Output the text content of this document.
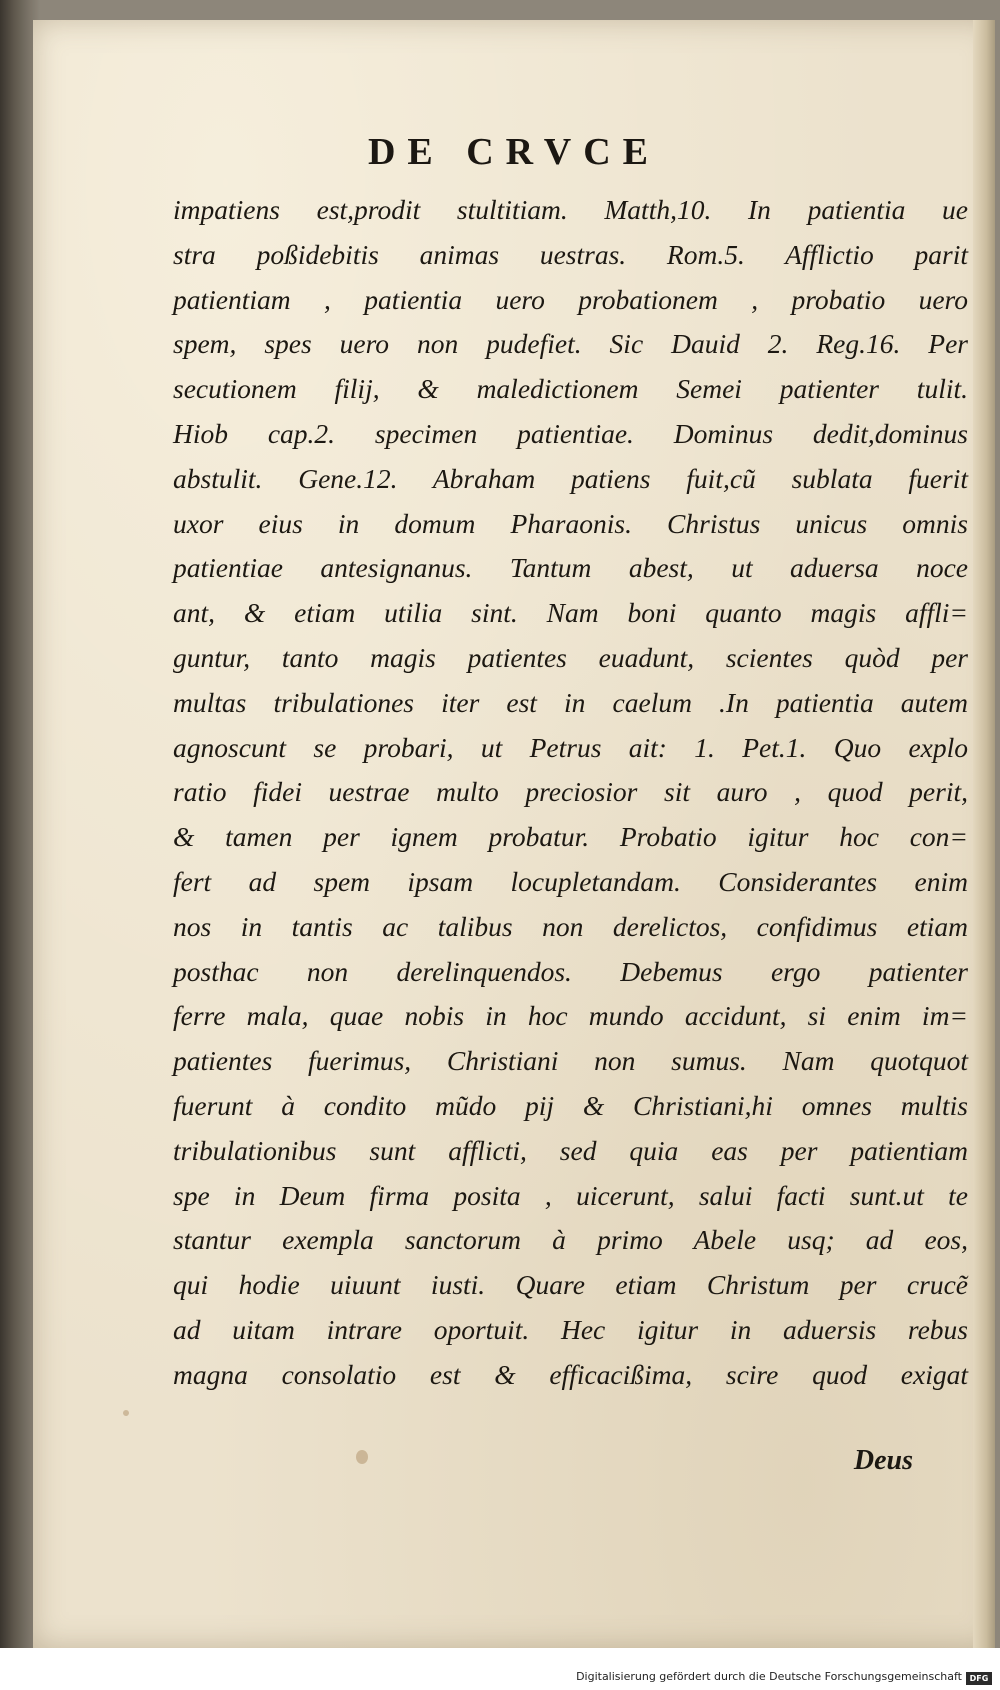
DE CRVCE
impatiens est,prodit stultitiam. Matth,10. In patientia ue
stra poßidebitis animas uestras. Rom.5. Afflictio parit
patientiam , patientia uero probationem , probatio uero
spem, spes uero non pudefiet. Sic Dauid 2. Reg.16. Per
secutionem filij, & maledictionem Semei patienter tulit.
Hiob cap.2. specimen patientiae. Dominus dedit,dominus
abstulit. Gene.12. Abraham patiens fuit,cũ sublata fuerit
uxor eius in domum Pharaonis. Christus unicus omnis
patientiae antesignanus. Tantum abest, ut aduersa noce
ant, & etiam utilia sint. Nam boni quanto magis affli=
guntur, tanto magis patientes euadunt, scientes quòd per
multas tribulationes iter est in caelum .In patientia autem
agnoscunt se probari, ut Petrus ait: 1. Pet.1. Quo explo
ratio fidei uestrae multo preciosior sit auro , quod perit,
& tamen per ignem probatur. Probatio igitur hoc con=
fert ad spem ipsam locupletandam. Considerantes enim
nos in tantis ac talibus non derelictos, confidimus etiam
posthac non derelinquendos. Debemus ergo patienter
ferre mala, quae nobis in hoc mundo accidunt, si enim im=
patientes fuerimus, Christiani non sumus. Nam quotquot
fuerunt à condito mũdo pij & Christiani,hi omnes multis
tribulationibus sunt afflicti, sed quia eas per patientiam
spe in Deum firma posita , uicerunt, salui facti sunt.ut te
stantur exempla sanctorum à primo Abele usq; ad eos,
qui hodie uiuunt iusti. Quare etiam Christum per crucẽ
ad uitam intrare oportuit. Hec igitur in aduersis rebus
magna consolatio est & efficacißima, scire quod exigat
Deus
Digitalisierung gefördert durch die Deutsche Forschungsgemeinschaft DFG
